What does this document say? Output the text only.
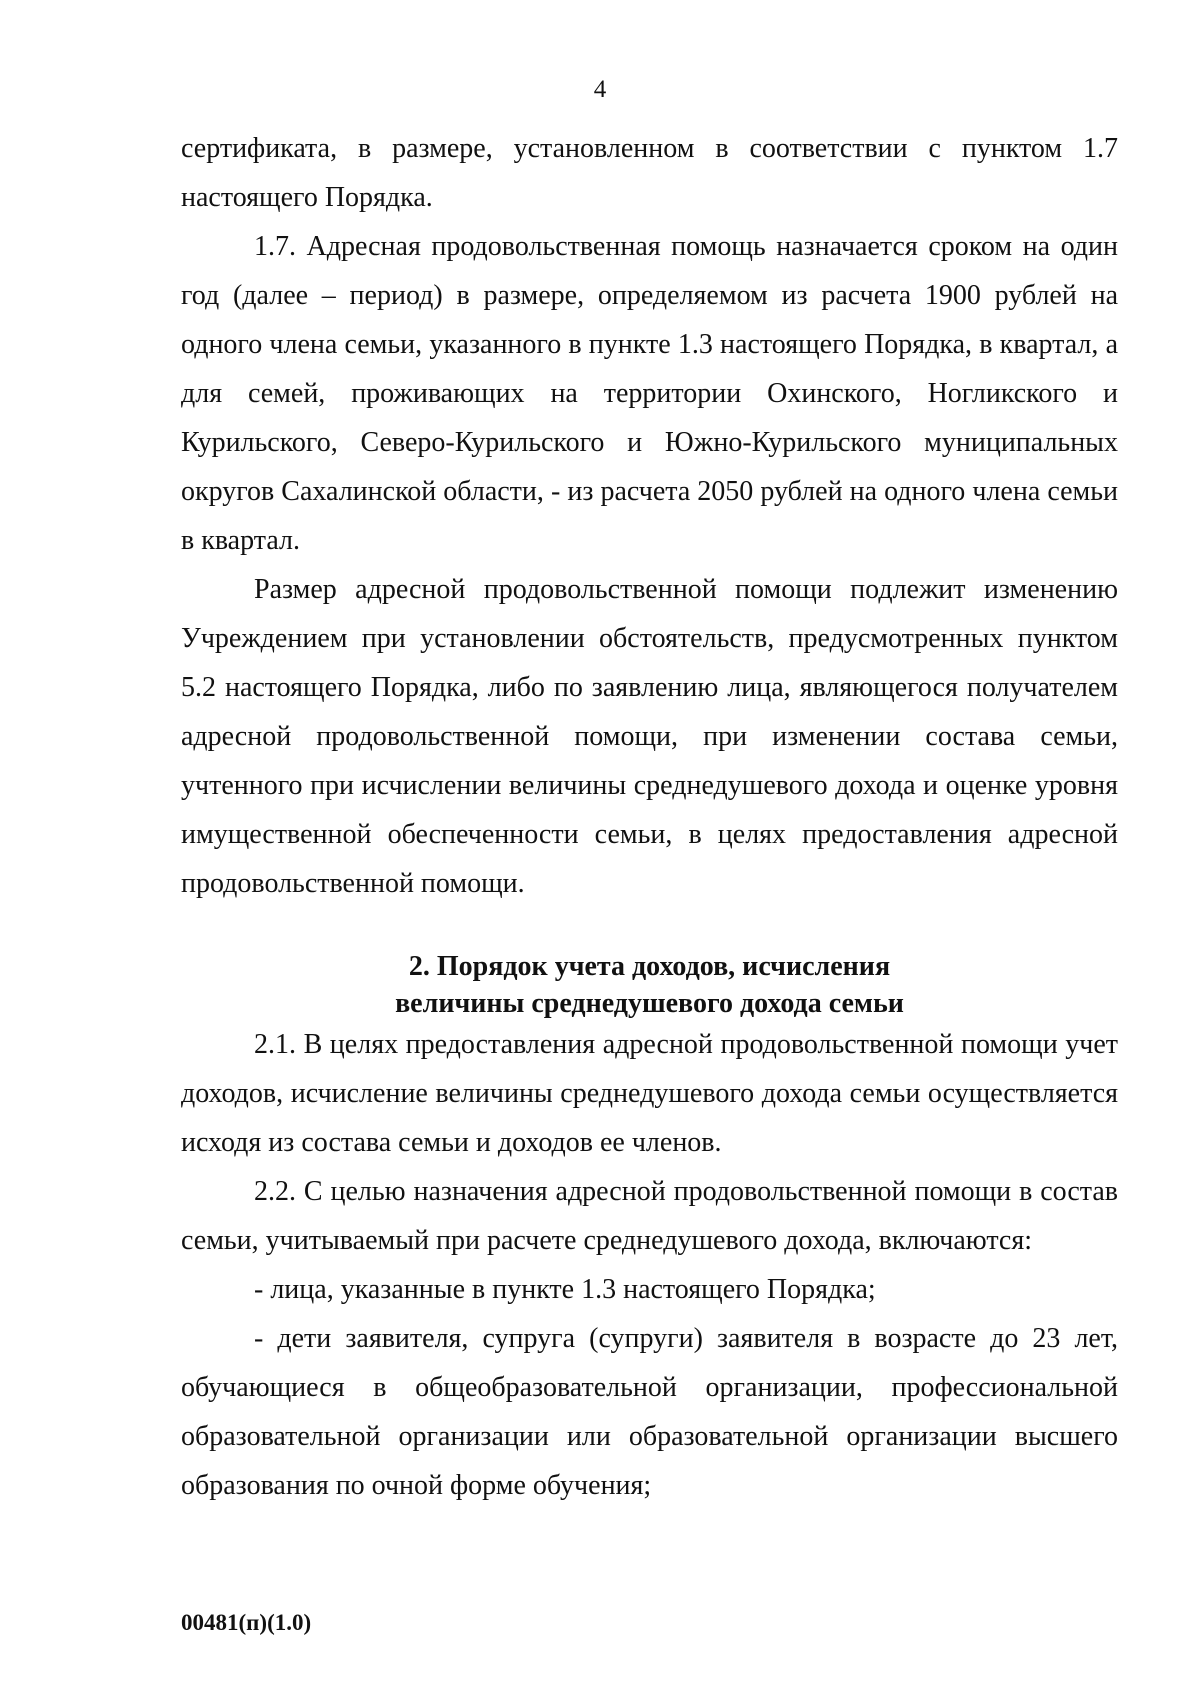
4

сертификата, в размере, установленном в соответствии с пунктом 1.7 настоящего Порядка.

1.7. Адресная продовольственная помощь назначается сроком на один год (далее – период) в размере, определяемом из расчета 1900 рублей на одного члена семьи, указанного в пункте 1.3 настоящего Порядка, в квартал, а для семей, проживающих на территории Охинского, Ногликского и Курильского, Северо-Курильского и Южно-Курильского муниципальных округов Сахалинской области, - из расчета 2050 рублей на одного члена семьи в квартал.

Размер адресной продовольственной помощи подлежит изменению Учреждением при установлении обстоятельств, предусмотренных пунктом 5.2 настоящего Порядка, либо по заявлению лица, являющегося получателем адресной продовольственной помощи, при изменении состава семьи, учтенного при исчислении величины среднедушевого дохода и оценке уровня имущественной обеспеченности семьи, в целях предоставления адресной продовольственной помощи.

2. Порядок учета доходов, исчисления
величины среднедушевого дохода семьи

2.1. В целях предоставления адресной продовольственной помощи учет доходов, исчисление величины среднедушевого дохода семьи осуществляется исходя из состава семьи и доходов ее членов.

2.2. С целью назначения адресной продовольственной помощи в состав семьи, учитываемый при расчете среднедушевого дохода, включаются:

- лица, указанные в пункте 1.3 настоящего Порядка;

- дети заявителя, супруга (супруги) заявителя в возрасте до 23 лет, обучающиеся в общеобразовательной организации, профессиональной образовательной организации или образовательной организации высшего образования по очной форме обучения;

00481(п)(1.0)
